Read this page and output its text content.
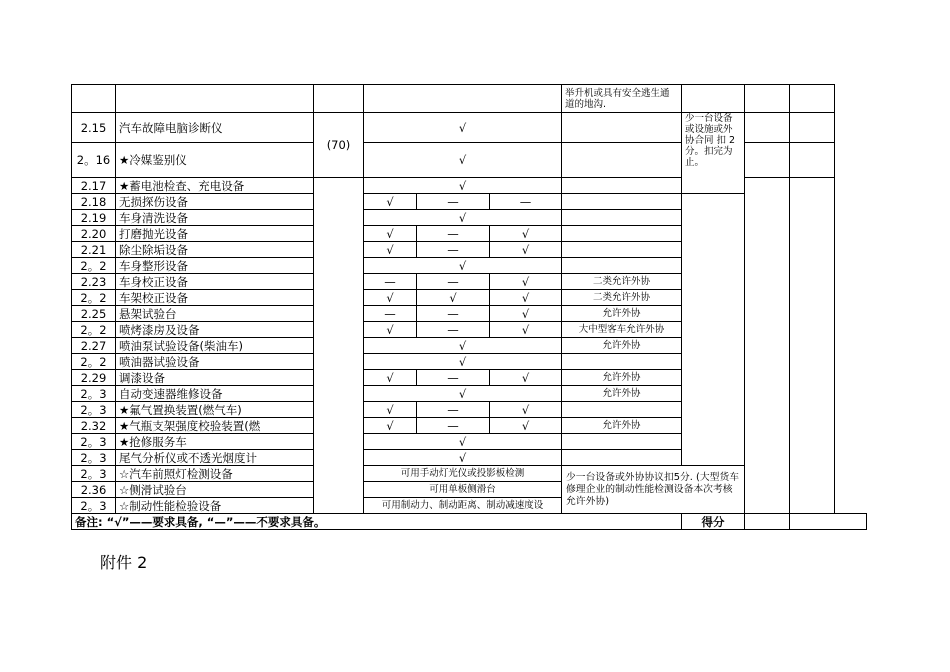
						举升机或具有安全逃生通道的地沟.				
2.15	汽车故障电脑诊断仪	(70)	√				少一台设备或设施或外协合同 扣 2 分。扣完为止。			
2。16	★冷媒鉴别仪		√							
2.17	★蓄电池检查、充电设备		√							
2.18	无损探伤设备		√	—	—					
2.19	车身清洗设备		√							
2.20	打磨抛光设备		√	—	√					
2.21	除尘除垢设备		√	—	√					
2。2	车身整形设备		√							
2.23	车身校正设备		—	—	√	二类允许外协				
2。2	车架校正设备		√	√	√	二类允许外协				
2.25	悬架试验台		—	—	√	允许外协				
2。2	喷烤漆房及设备		√	—	√	大中型客车允许外协				
2.27	喷油泵试验设备(柴油车)		√			允许外协				
2。2	喷油器试验设备		√							
2.29	调漆设备		√	—	√	允许外协				
2。3	自动变速器维修设备		√			允许外协				
2。3	★氟气置换装置(燃气车)		√	—	√					
2.32	★气瓶支架强度校验装置(燃		√	—	√	允许外协				
2。3	★抢修服务车		√							
2。3	尾气分析仪或不透光烟度计		√							
2。3	☆汽车前照灯检测设备		可用手动灯光仪或投影板检测			少一台设备或外协协议扣5分. (大型货车修理企业的制动性能检测设备本次考核允许外协)				
2.36	☆侧滑试验台		可用单板侧滑台							
2。3	☆制动性能检验设备		可用制动力、制动距离、制动减速度设							
备注: “√”——要求具备, “—”——不要求具备。							得分			
附件 2
